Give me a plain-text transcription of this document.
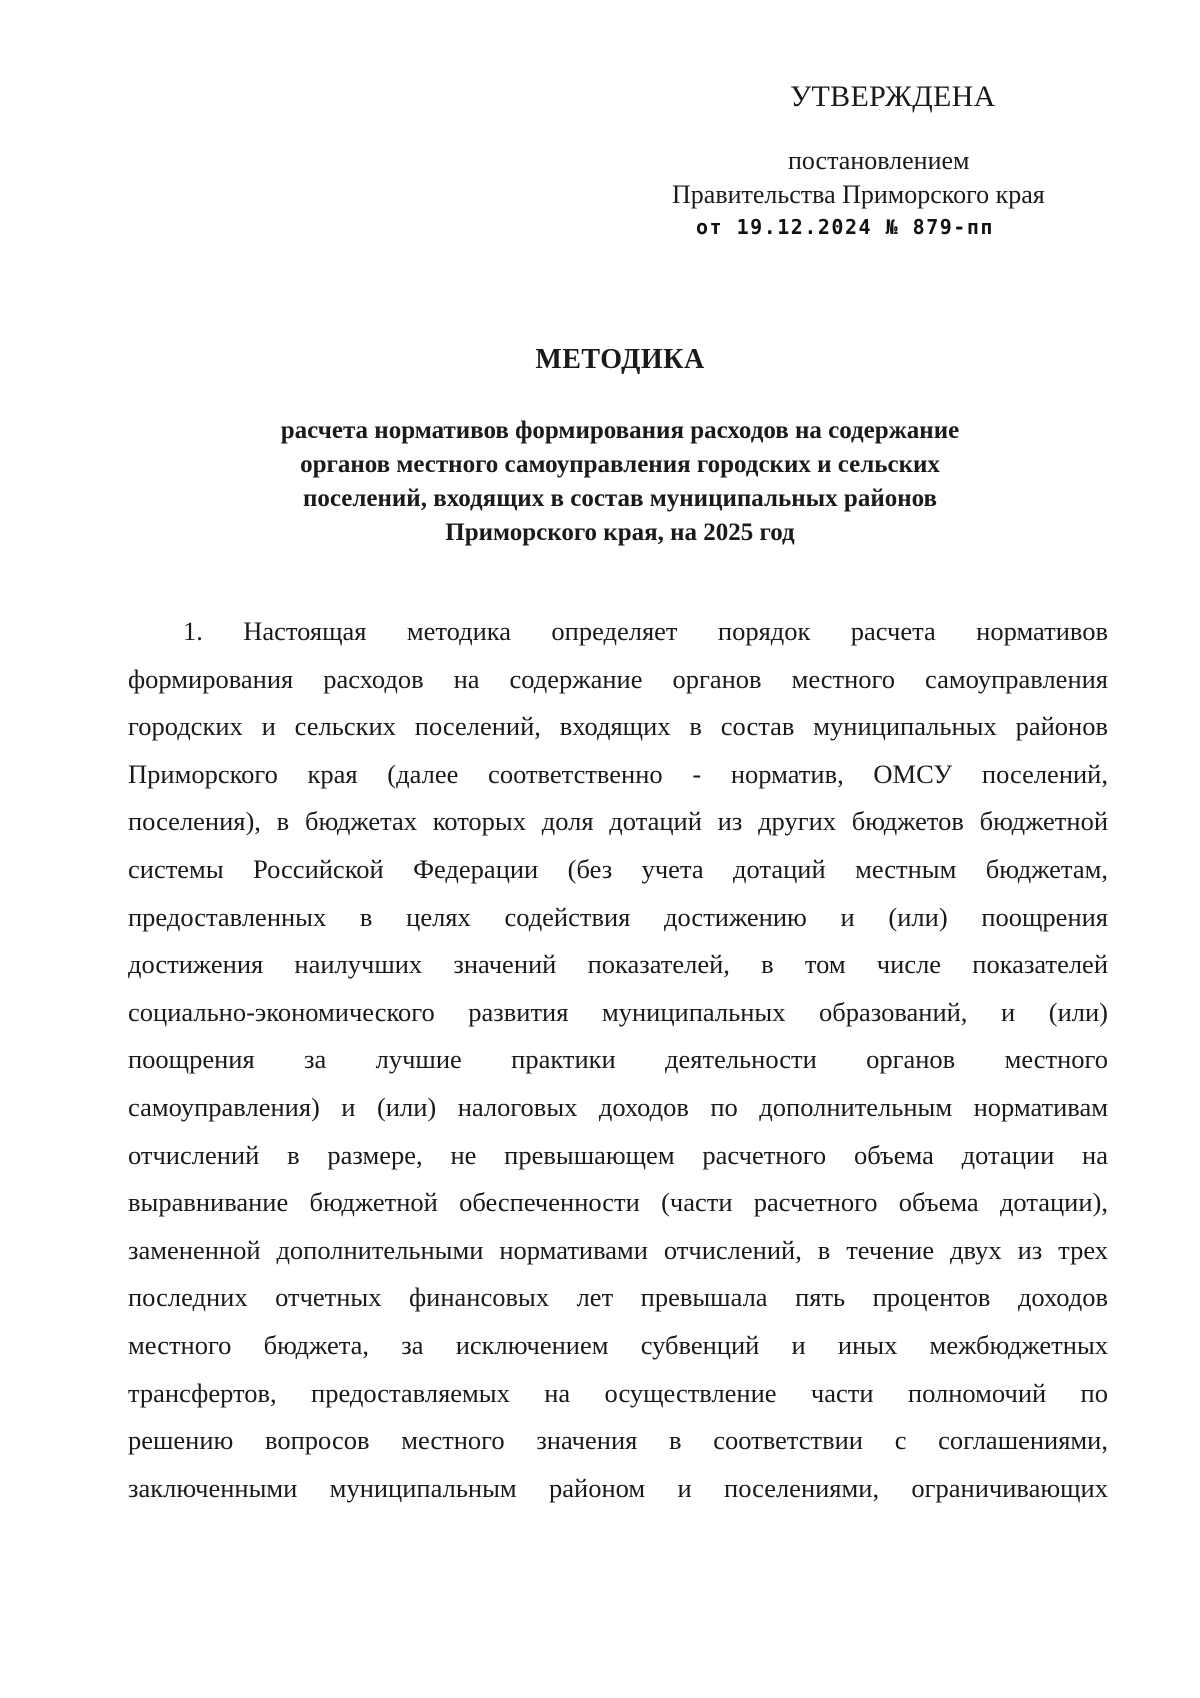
УТВЕРЖДЕНА
постановлением
Правительства Приморского края
от 19.12.2024 № 879-пп
МЕТОДИКА
расчета нормативов формирования расходов на содержание
органов местного самоуправления городских и сельских
поселений, входящих в состав муниципальных районов
Приморского края, на 2025 год
1. Настоящая методика определяет порядок расчета нормативов
формирования расходов на содержание органов местного самоуправления
городских и сельских поселений, входящих в состав муниципальных районов
Приморского края (далее соответственно - норматив, ОМСУ поселений,
поселения), в бюджетах которых доля дотаций из других бюджетов бюджетной
системы Российской Федерации (без учета дотаций местным бюджетам,
предоставленных в целях содействия достижению и (или) поощрения
достижения наилучших значений показателей, в том числе показателей
социально-экономического развития муниципальных образований, и (или)
поощрения за лучшие практики деятельности органов местного
самоуправления) и (или) налоговых доходов по дополнительным нормативам
отчислений в размере, не превышающем расчетного объема дотации на
выравнивание бюджетной обеспеченности (части расчетного объема дотации),
замененной дополнительными нормативами отчислений, в течение двух из трех
последних отчетных финансовых лет превышала пять процентов доходов
местного бюджета, за исключением субвенций и иных межбюджетных
трансфертов, предоставляемых на осуществление части полномочий по
решению вопросов местного значения в соответствии с соглашениями,
заключенными муниципальным районом и поселениями, ограничивающих
